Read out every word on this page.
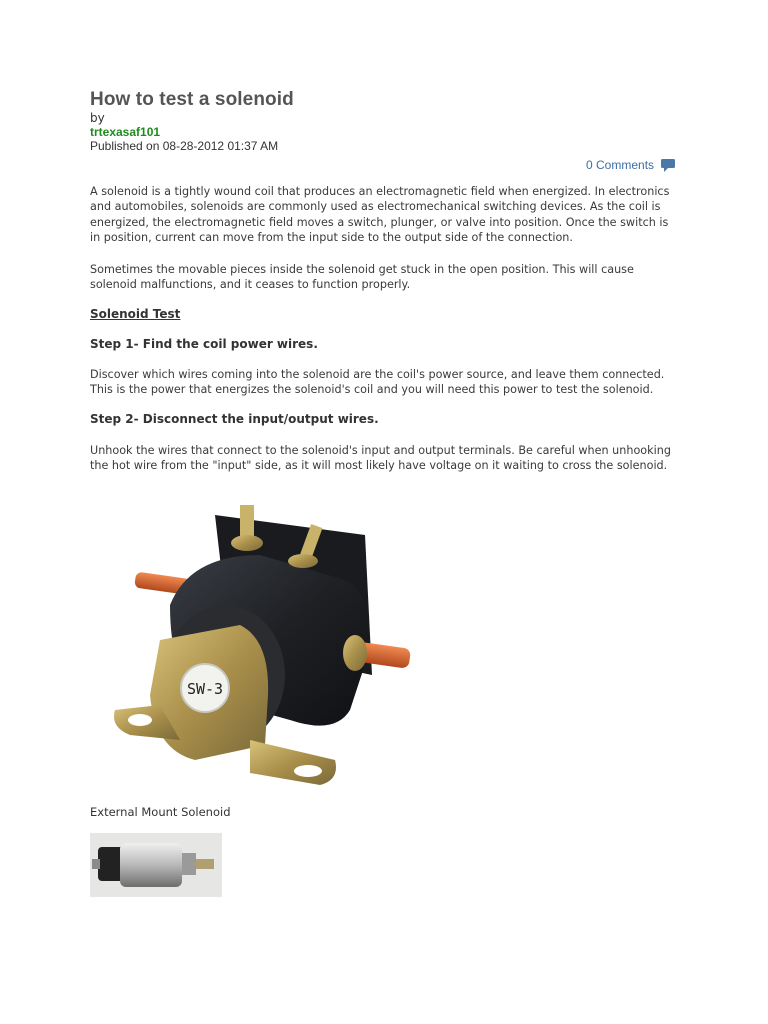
How to test a solenoid
by
trtexasaf101
Published on 08-28-2012 01:37 AM
0 Comments

A solenoid is a tightly wound coil that produces an electromagnetic field when energized. In electronics and automobiles, solenoids are commonly used as electromechanical switching devices. As the coil is energized, the electromagnetic field moves a switch, plunger, or valve into position. Once the switch is in position, current can move from the input side to the output side of the connection.

Sometimes the movable pieces inside the solenoid get stuck in the open position. This will cause solenoid malfunctions, and it ceases to function properly.

Solenoid Test
Step 1- Find the coil power wires.

Discover which wires coming into the solenoid are the coil's power source, and leave them connected. This is the power that energizes the solenoid's coil and you will need this power to test the solenoid.

Step 2- Disconnect the input/output wires.

Unhook the wires that connect to the solenoid's input and output terminals. Be careful when unhooking the hot wire from the "input" side, as it will most likely have voltage on it waiting to cross the solenoid.

SW-3
External Mount Solenoid
